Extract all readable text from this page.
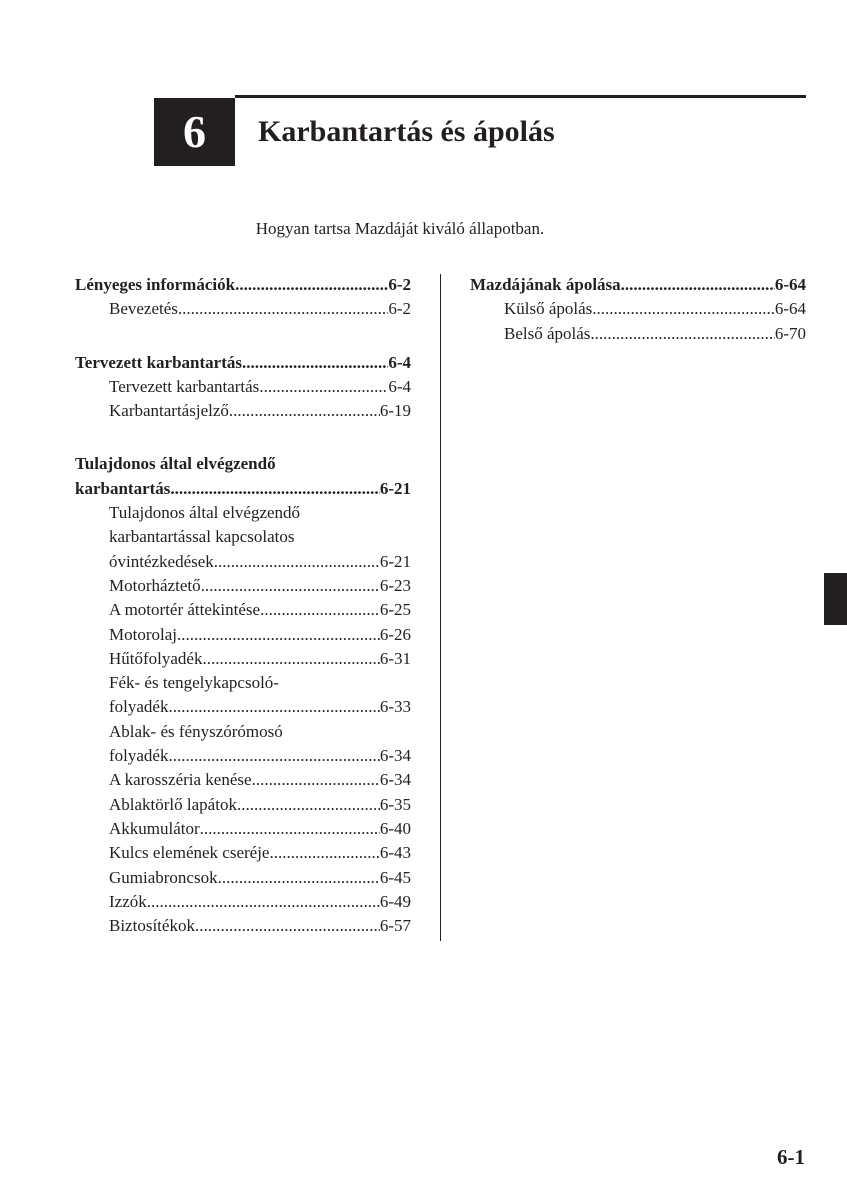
6	Karbantartás és ápolás
Hogyan tartsa Mazdáját kiváló állapotban.
Lényeges információk .....	6-2
Bevezetés .....	6-2
Tervezett karbantartás .....	6-4
Tervezett karbantartás .....	6-4
Karbantartásjelző .....	6-19
Tulajdonos által elvégzendő
karbantartás .....	6-21
Tulajdonos által elvégzendő
karbantartással kapcsolatos
óvintézkedések .....	6-21
Motorháztető .....	6-23
A motortér áttekintése .....	6-25
Motorolaj .....	6-26
Hűtőfolyadék .....	6-31
Fék- és tengelykapcsoló-
folyadék .....	6-33
Ablak- és fényszórómosó
folyadék .....	6-34
A karosszéria kenése .....	6-34
Ablaktörlő lapátok .....	6-35
Akkumulátor .....	6-40
Kulcs elemének cseréje .....	6-43
Gumiabroncsok .....	6-45
Izzók .....	6-49
Biztosítékok .....	6-57
Mazdájának ápolása .....	6-64
Külső ápolás .....	6-64
Belső ápolás .....	6-70
6-1
